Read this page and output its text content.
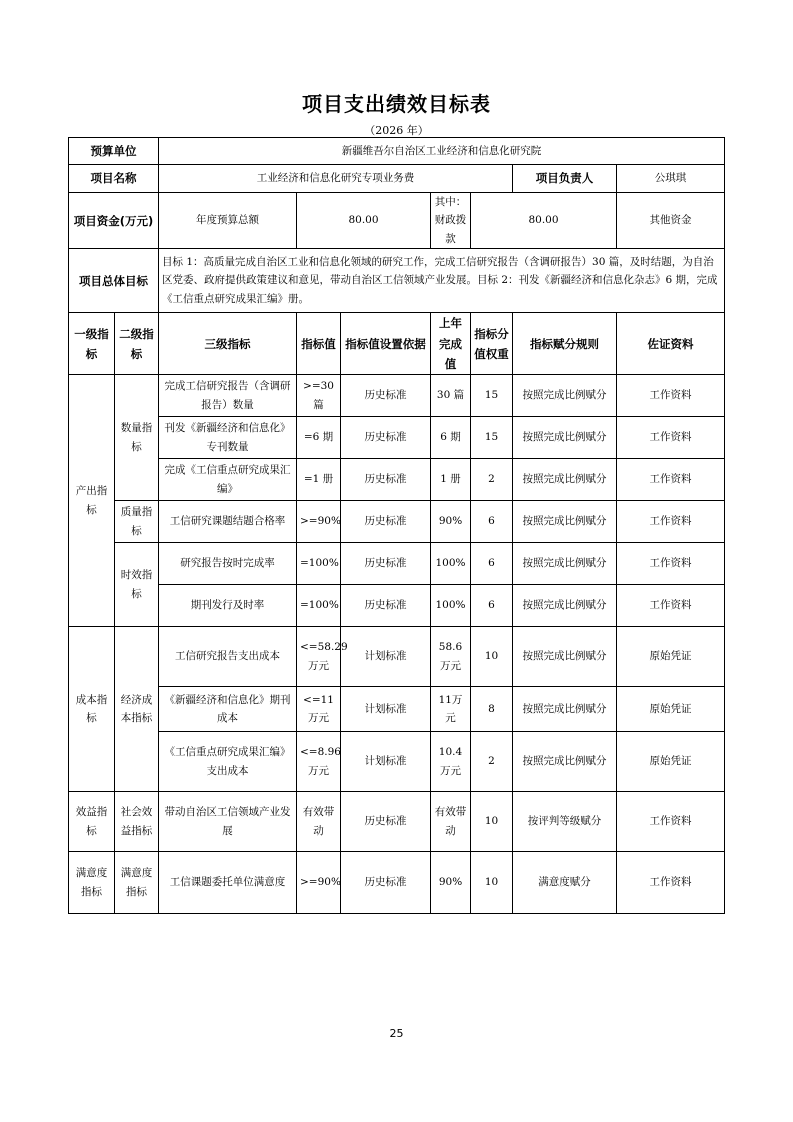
项目支出绩效目标表
（2026 年）
预算单位		新疆维吾尔自治区工业经济和信息化研究院							
项目名称		工业经济和信息化研究专项业务费					项目负责人	公琪琪	
项目资金(万元)		年度预算总额	80.00		其中：财政拨款	80.00		其他资金	
项目总体目标		目标 1：高质量完成自治区工业和信息化领域的研究工作，完成工信研究报告（含调研报告）30 篇，及时结题，为自治区党委、政府提供政策建议和意见，带动自治区工信领域产业发展。目标 2：刊发《新疆经济和信息化杂志》6 期，完成《工信重点研究成果汇编》册。							
一级指标	二级指标	三级指标	指标值	指标值设置依据	上年完成值	指标分值权重	指标赋分规则	佐证资料	
产出指标	数量指标	完成工信研究报告（含调研报告）数量	>=30篇	历史标准	30 篇	15	按照完成比例赋分	工作资料	
		刊发《新疆经济和信息化》专刊数量	=6 期	历史标准	6 期	15	按照完成比例赋分	工作资料	
		完成《工信重点研究成果汇编》	=1 册	历史标准	1 册	2	按照完成比例赋分	工作资料	
	质量指标	工信研究课题结题合格率	>=90%	历史标准	90%	6	按照完成比例赋分	工作资料	
	时效指标	研究报告按时完成率	=100%	历史标准	100%	6	按照完成比例赋分	工作资料	
		期刊发行及时率	=100%	历史标准	100%	6	按照完成比例赋分	工作资料	
成本指标	经济成本指标	工信研究报告支出成本	<=58.29万元	计划标准	58.6万元	10	按照完成比例赋分	原始凭证	
		《新疆经济和信息化》期刊成本	<=11万元	计划标准	11万元	8	按照完成比例赋分	原始凭证	
		《工信重点研究成果汇编》支出成本	<=8.96万元	计划标准	10.4万元	2	按照完成比例赋分	原始凭证	
效益指标	社会效益指标	带动自治区工信领域产业发展	有效带动	历史标准	有效带动	10	按评判等级赋分	工作资料	
满意度指标	满意度指标	工信课题委托单位满意度	>=90%	历史标准	90%	10	满意度赋分	工作资料	
25
